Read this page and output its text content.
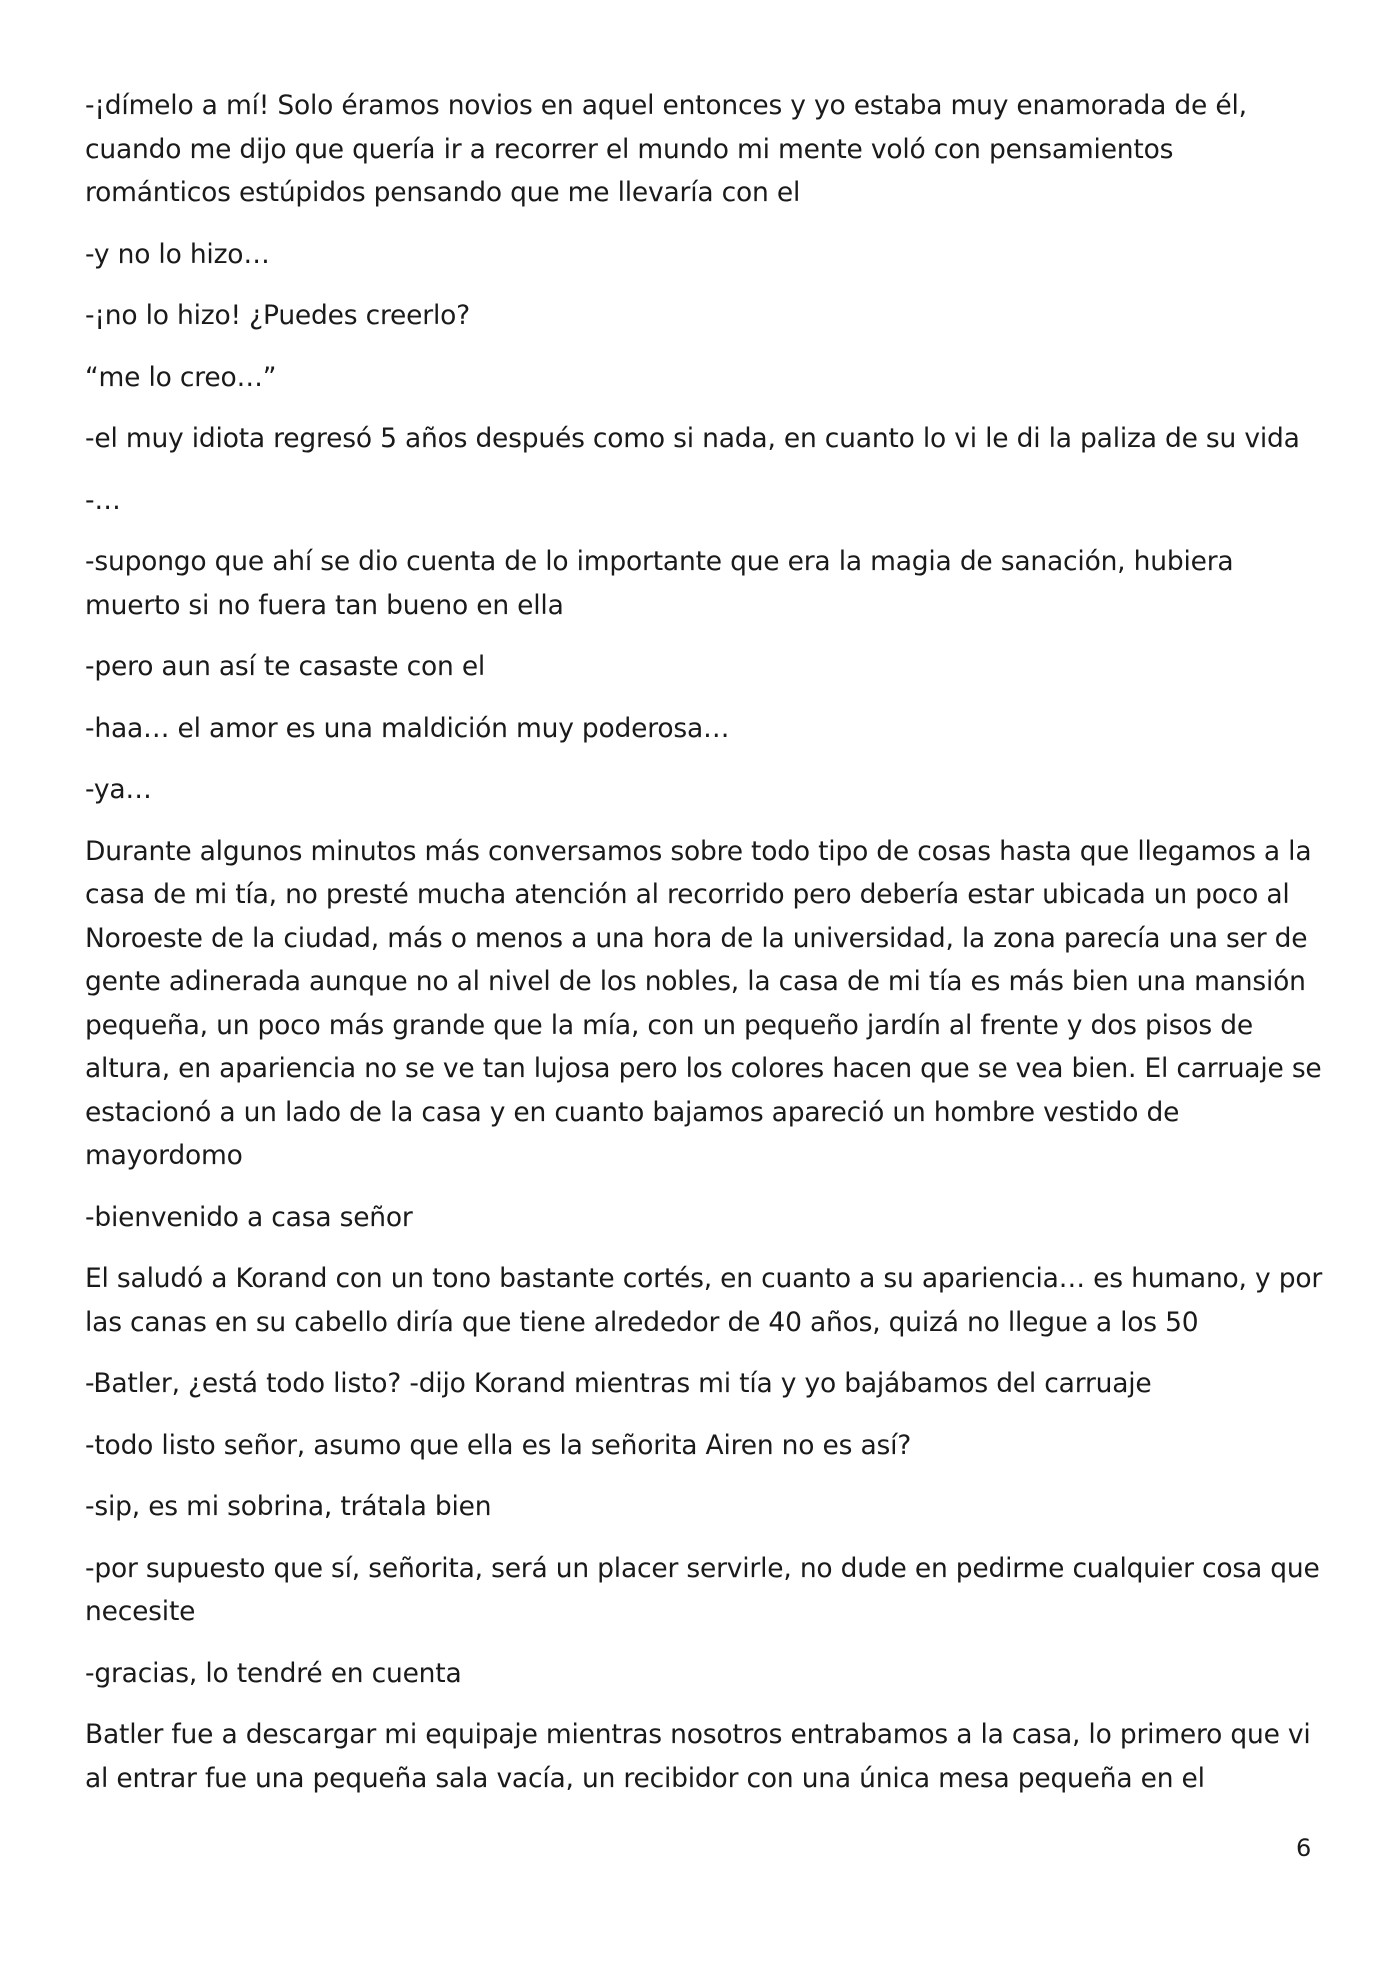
-¡dímelo a mí! Solo éramos novios en aquel entonces y yo estaba muy enamorada de él, cuando me dijo que quería ir a recorrer el mundo mi mente voló con pensamientos románticos estúpidos pensando que me llevaría con el

-y no lo hizo…

-¡no lo hizo! ¿Puedes creerlo?

“me lo creo…”

-el muy idiota regresó 5 años después como si nada, en cuanto lo vi le di la paliza de su vida

-…

-supongo que ahí se dio cuenta de lo importante que era la magia de sanación, hubiera muerto si no fuera tan bueno en ella

-pero aun así te casaste con el

-haa… el amor es una maldición muy poderosa…

-ya…

Durante algunos minutos más conversamos sobre todo tipo de cosas hasta que llegamos a la casa de mi tía, no presté mucha atención al recorrido pero debería estar ubicada un poco al Noroeste de la ciudad, más o menos a una hora de la universidad, la zona parecía una ser de gente adinerada aunque no al nivel de los nobles, la casa de mi tía es más bien una mansión pequeña, un poco más grande que la mía, con un pequeño jardín al frente y dos pisos de altura, en apariencia no se ve tan lujosa pero los colores hacen que se vea bien. El carruaje se estacionó a un lado de la casa y en cuanto bajamos apareció un hombre vestido de mayordomo

-bienvenido a casa señor

El saludó a Korand con un tono bastante cortés, en cuanto a su apariencia… es humano, y por las canas en su cabello diría que tiene alrededor de 40 años, quizá no llegue a los 50

-Batler, ¿está todo listo? -dijo Korand mientras mi tía y yo bajábamos del carruaje

-todo listo señor, asumo que ella es la señorita Airen no es así?

-sip, es mi sobrina, trátala bien

-por supuesto que sí, señorita, será un placer servirle, no dude en pedirme cualquier cosa que necesite

-gracias, lo tendré en cuenta

Batler fue a descargar mi equipaje mientras nosotros entrabamos a la casa, lo primero que vi al entrar fue una pequeña sala vacía, un recibidor con una única mesa pequeña en el

6
